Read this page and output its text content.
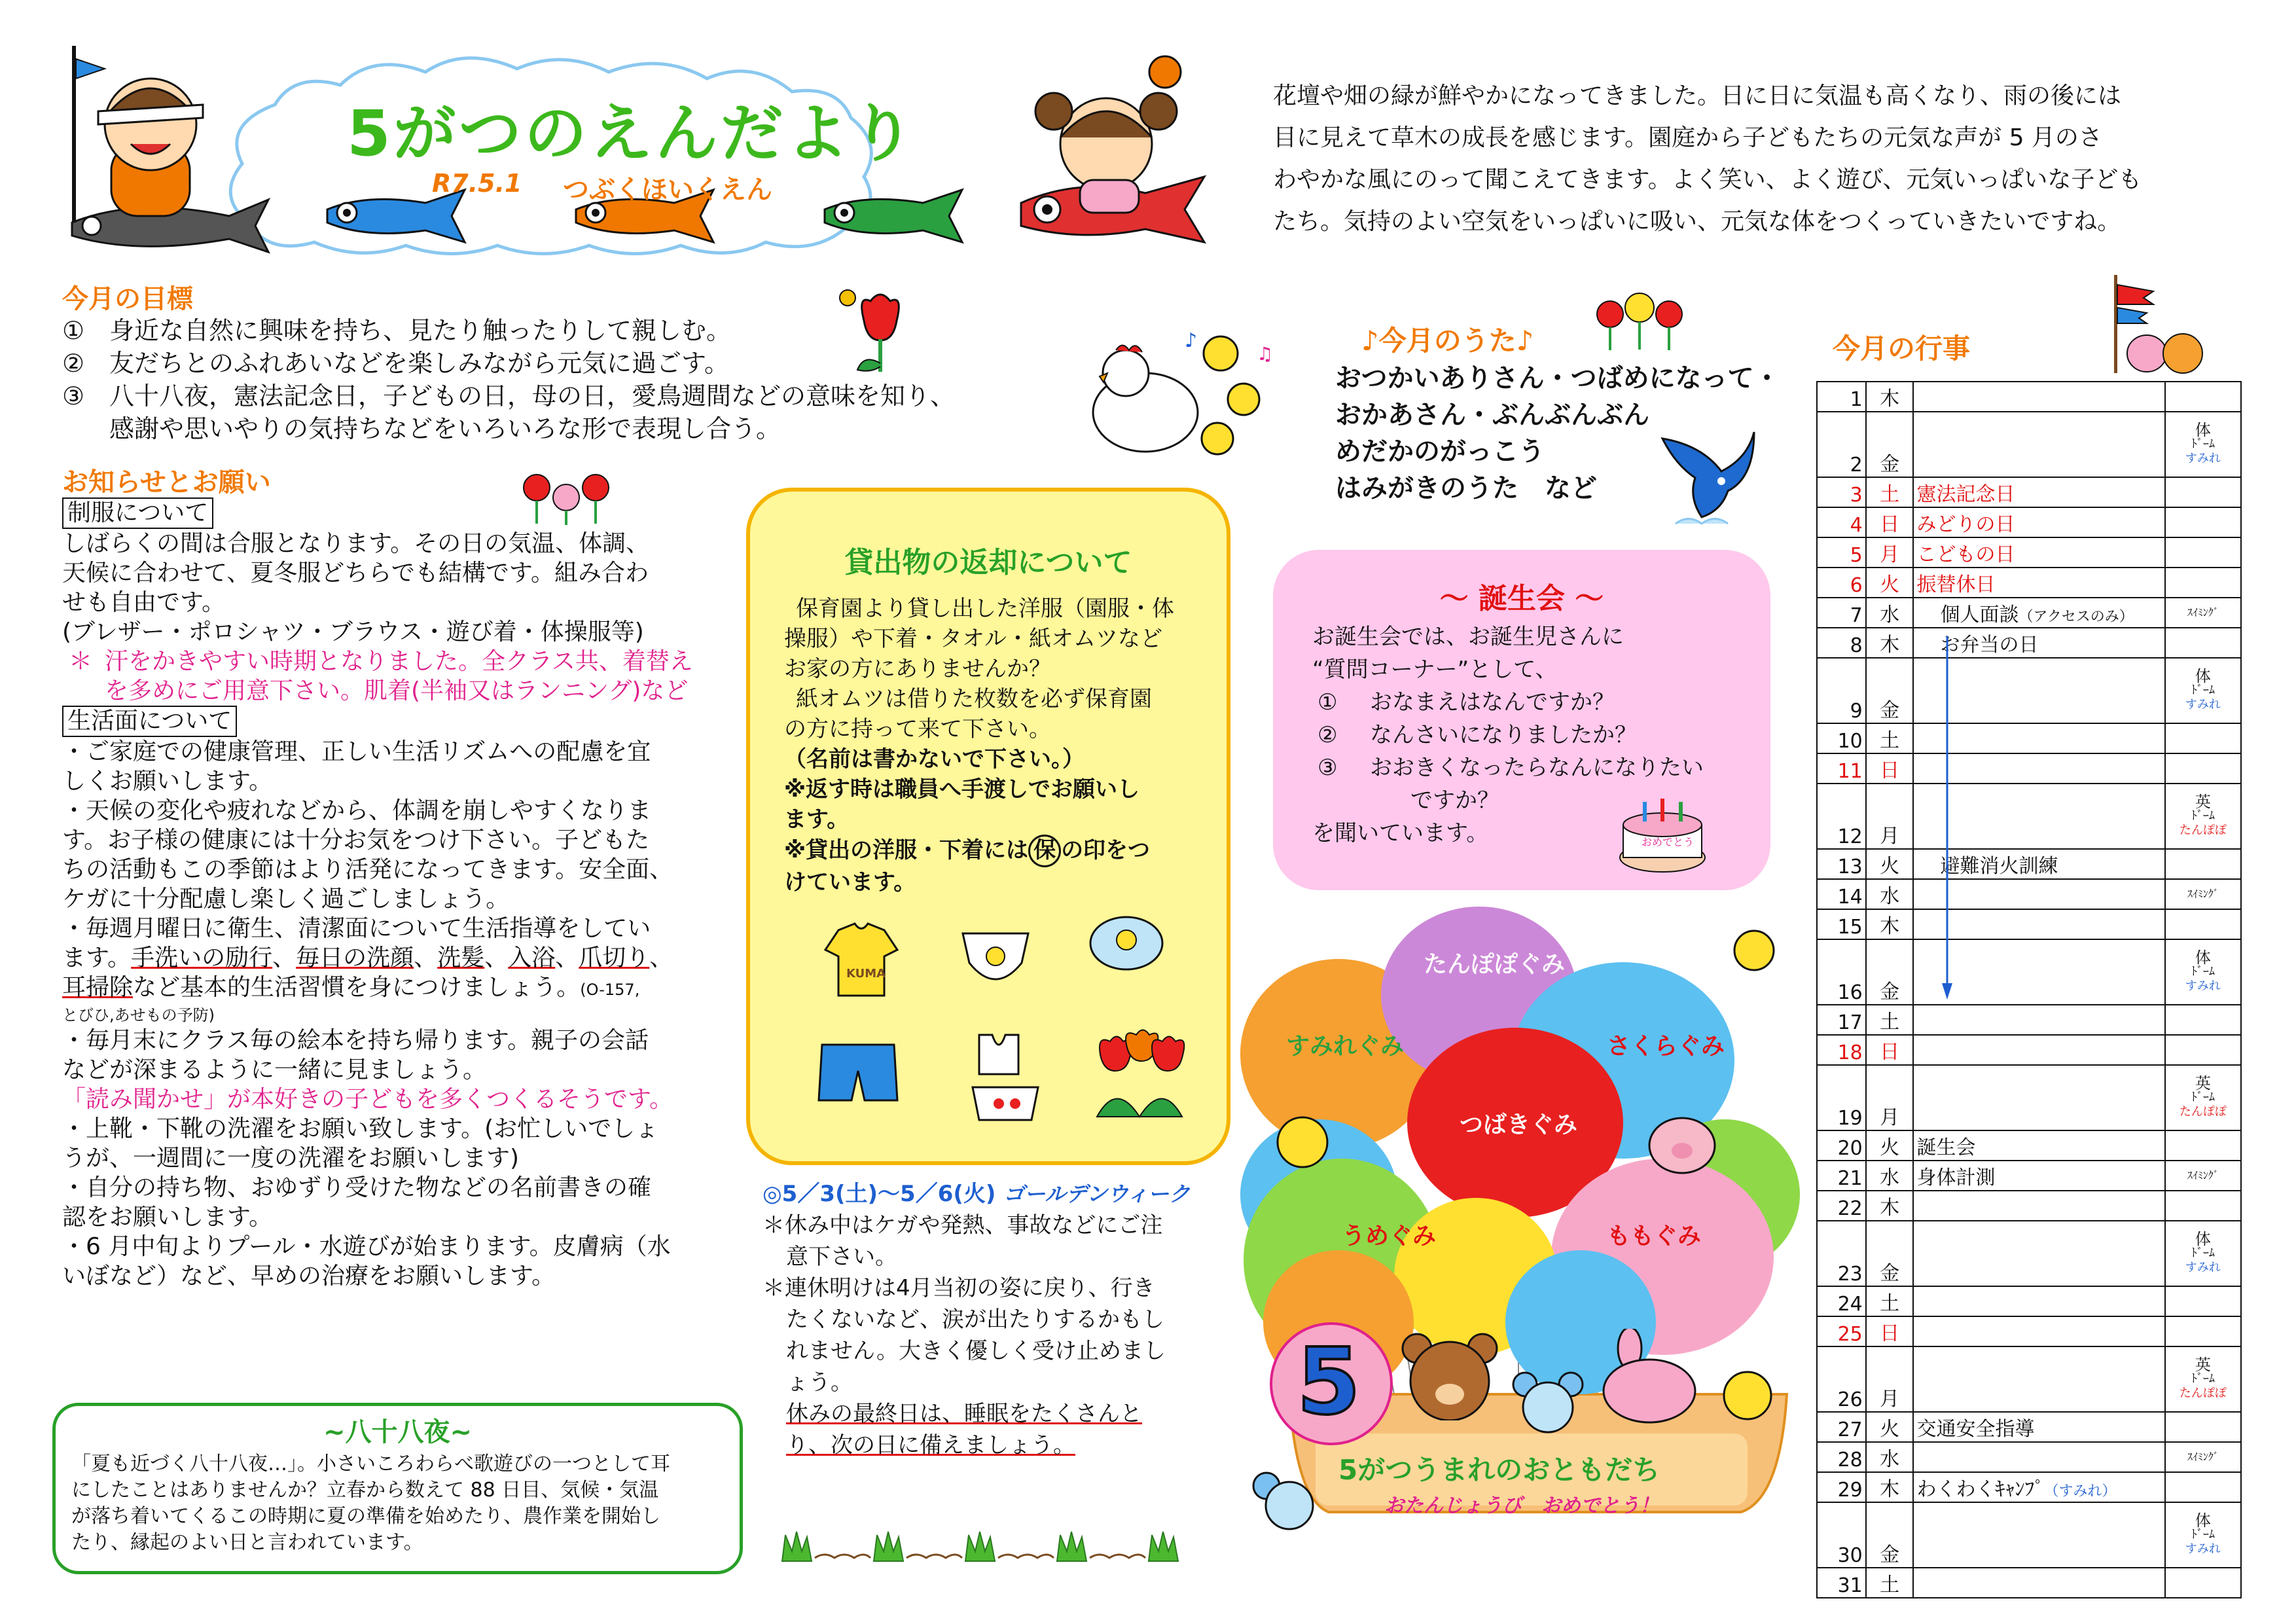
5がつのえんだより
R7.5.1 つぶくほいくえん
花壇や畑の緑が鮮やかになってきました。日に日に気温も高くなり、雨の後には
目に見えて草木の成長を感じます。園庭から子どもたちの元気な声が 5 月のさ
わやかな風にのって聞こえてきます。よく笑い、よく遊び、元気いっぱいな子ども
たち。気持のよい空気をいっぱいに吸い、元気な体をつくっていきたいですね。
今月の目標
① 身近な自然に興味を持ち、見たり触ったりして親しむ。
② 友だちとのふれあいなどを楽しみながら元気に過ごす。
③ 八十八夜，憲法記念日，子どもの日，母の日，愛鳥週間などの意味を知り、
感謝や思いやりの気持ちなどをいろいろな形で表現し合う。
♪
♫
お知らせとお願い
制服について
しばらくの間は合服となります。その日の気温、体調、
天候に合わせて、夏冬服どちらでも結構です。組み合わ
せも自由です。
(ブレザー・ポロシャツ・ブラウス・遊び着・体操服等)
＊ 汗をかきやすい時期となりました。全クラス共、着替え
を多めにご用意下さい。肌着(半袖又はランニング)など
生活面について
・ご家庭での健康管理、正しい生活リズムへの配慮を宜
しくお願いします。
・天候の変化や疲れなどから、体調を崩しやすくなりま
す。お子様の健康には十分お気をつけ下さい。子どもた
ちの活動もこの季節はより活発になってきます。安全面、
ケガに十分配慮し楽しく過ごしましょう。
・毎週月曜日に衛生、清潔面について生活指導をしてい
ます。手洗いの励行、毎日の洗顔、洗髪、入浴、爪切り、
耳掃除など基本的生活習慣を身につけましょう。(O-157,
とびひ,あせもの予防)
・毎月末にクラス毎の絵本を持ち帰ります。親子の会話
などが深まるように一緒に見ましょう。
「読み聞かせ」が本好きの子どもを多くつくるそうです。
・上靴・下靴の洗濯をお願い致します。(お忙しいでしょ
うが、一週間に一度の洗濯をお願いします)
・自分の持ち物、おゆずり受けた物などの名前書きの確
認をお願いします。
・6 月中旬よりプール・水遊びが始まります。皮膚病（水
いぼなど）など、早めの治療をお願いします。
~八十八夜~
「夏も近づく八十八夜…」。小さいころわらべ歌遊びの一つとして耳
にしたことはありませんか？立春から数えて 88 日目、気候・気温
が落ち着いてくるこの時期に夏の準備を始めたり、農作業を開始し
たり、縁起のよい日と言われています。
貸出物の返却について
保育園より貸し出した洋服（園服・体
操服）や下着・タオル・紙オムツなど
お家の方にありませんか？
紙オムツは借りた枚数を必ず保育園
の方に持って来て下さい。
（名前は書かないで下さい。）
※返す時は職員へ手渡しでお願いし
ます。
※貸出の洋服・下着には 保 の印をつ
けています。
KUMA
◎5／3(土)～5／6(火) ゴールデンウィーク
＊休み中はケガや発熱、事故などにご注
意下さい。
＊連休明けは4月当初の姿に戻り、行き
たくないなど、涙が出たりするかもし
れません。大きく優しく受け止めまし
ょう。
休みの最終日は、睡眠をたくさんと
り、次の日に備えましょう。
♪今月のうた♪
おつかいありさん・つばめになって・
おかあさん・ぶんぶんぶん
めだかのがっこう
はみがきのうた　など
～ 誕生会 ～
お誕生会では、お誕生児さんに
“質問コーナー”として、
① おなまえはなんですか？
② なんさいになりましたか？
③ おおきくなったらなんになりたい
ですか？
を聞いています。	おめでとう
すみれぐみ
たんぽぽぐみ
さくらぐみ
つばきぐみ
うめぐみ	ももぐみ
5
5がつうまれのおともだち
おたんじょうび　おめでとう！
今月の行事
1	木		
2	金		体
ﾄﾞｰﾑ
すみれ

3	土	憲法記念日	
4	日	みどりの日	
5	月	こどもの日	
6	火	振替休日	
7	水	個人面談（アクセスのみ）	ｽｲﾐﾝｸﾞ

8	木	お弁当の日	
9	金		体
ﾄﾞｰﾑ
すみれ

10	土		
11	日		
12	月		英
ﾄﾞｰﾑ
たんぽぽ

13	火	避難消火訓練	
14	水		ｽｲﾐﾝｸﾞ

15	木		
16	金		体
ﾄﾞｰﾑ
すみれ

17	土		
18	日		
19	月		英
ﾄﾞｰﾑ
たんぽぽ

20	火	誕生会	
21	水	身体計測	ｽｲﾐﾝｸﾞ

22	木		
23	金		体
ﾄﾞｰﾑ
すみれ

24	土		
25	日		
26	月		英
ﾄﾞｰﾑ
たんぽぽ

27	火	交通安全指導	
28	水		ｽｲﾐﾝｸﾞ

29	木	わくわくｷｬﾝﾌﾟ（すみれ）	
30	金		体
ﾄﾞｰﾑ
すみれ

31	土		
